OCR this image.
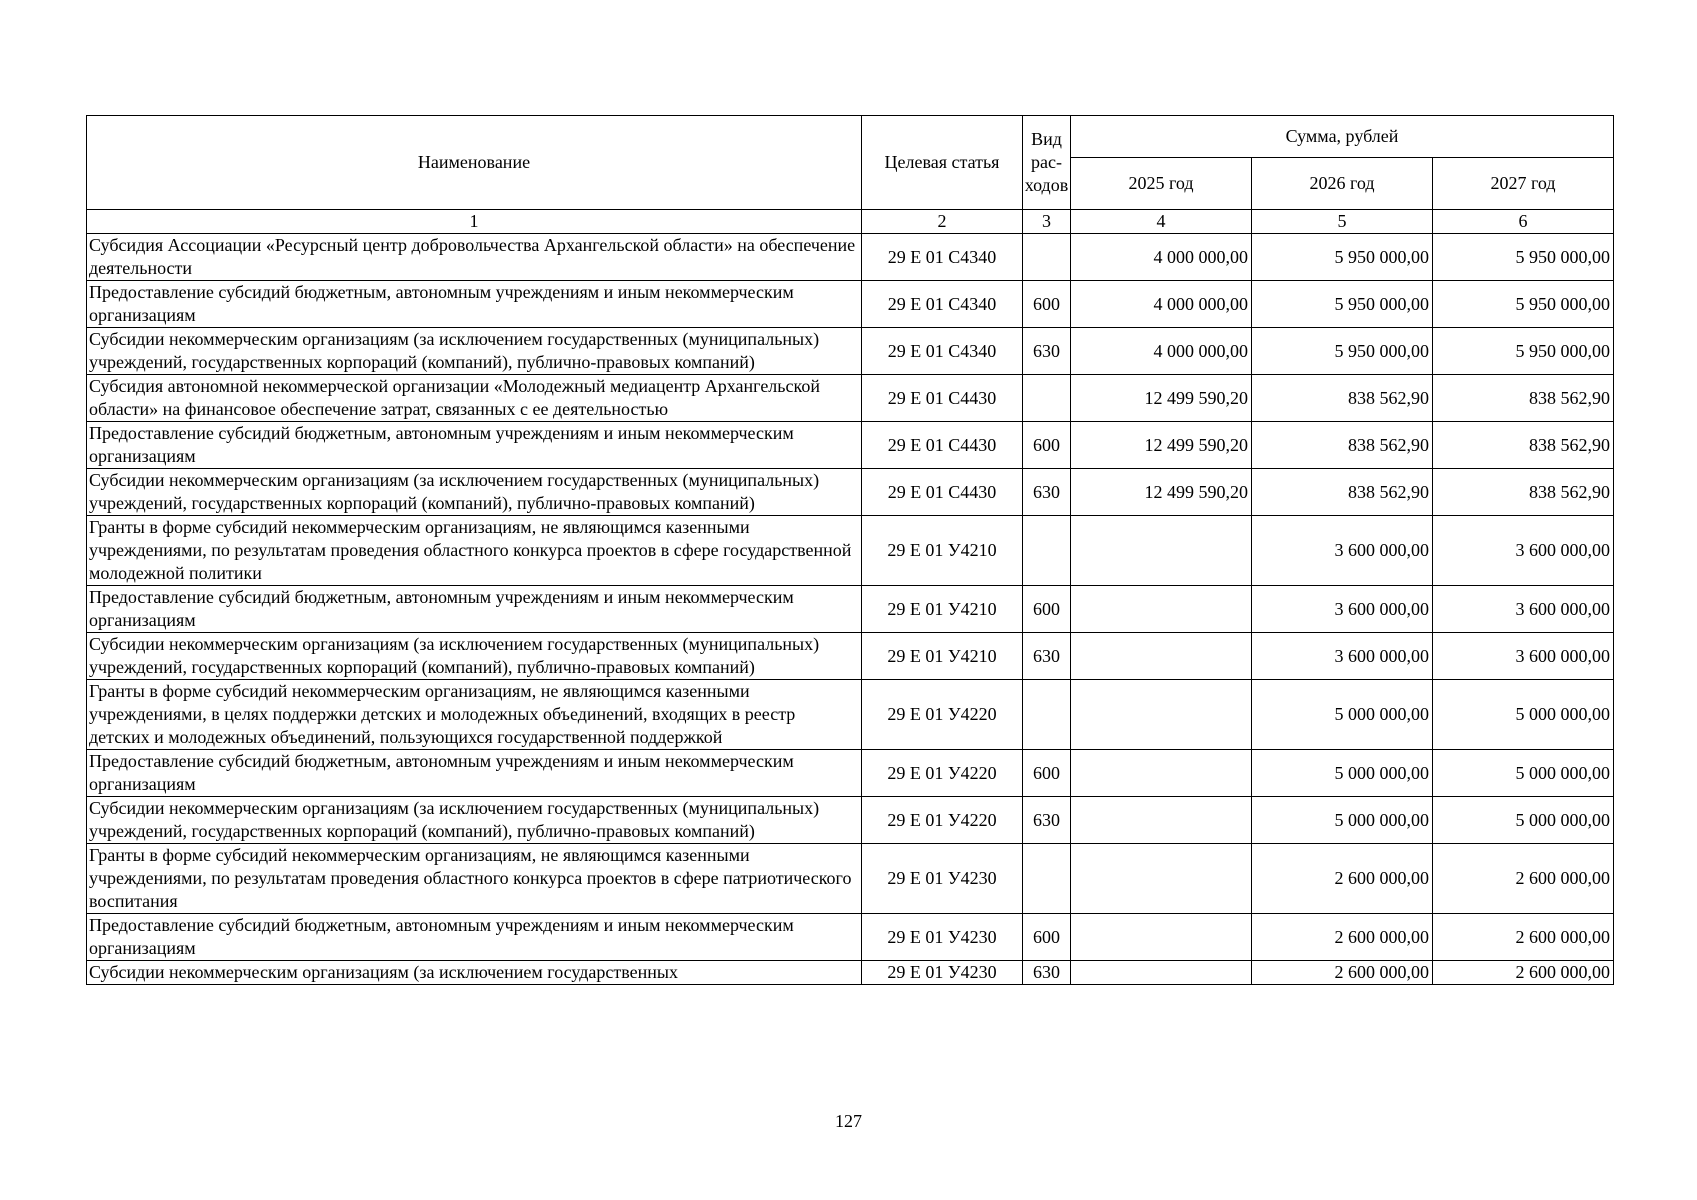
Наименование	Целевая статья	Вид рас-ходов	Сумма, рублей		
			2025 год	2026 год	2027 год
1	2	3	4	5	6
Субсидия Ассоциации «Ресурсный центр добровольчества Архангельской области» на обеспечение деятельности	29 Е 01 С4340		4 000 000,00	5 950 000,00	5 950 000,00
Предоставление субсидий бюджетным, автономным учреждениям и иным некоммерческим организациям	29 Е 01 С4340	600	4 000 000,00	5 950 000,00	5 950 000,00
Субсидии некоммерческим организациям (за исключением государственных (муниципальных) учреждений, государственных корпораций (компаний), публично-правовых компаний)	29 Е 01 С4340	630	4 000 000,00	5 950 000,00	5 950 000,00
Субсидия автономной некоммерческой организации «Молодежный медиацентр Архангельской области» на финансовое обеспечение затрат, связанных с ее деятельностью	29 Е 01 С4430		12 499 590,20	838 562,90	838 562,90
Предоставление субсидий бюджетным, автономным учреждениям и иным некоммерческим организациям	29 Е 01 С4430	600	12 499 590,20	838 562,90	838 562,90
Субсидии некоммерческим организациям (за исключением государственных (муниципальных) учреждений, государственных корпораций (компаний), публично-правовых компаний)	29 Е 01 С4430	630	12 499 590,20	838 562,90	838 562,90
Гранты в форме субсидий некоммерческим организациям, не являющимся казенными учреждениями, по результатам проведения областного конкурса проектов в сфере государственной молодежной политики	29 Е 01 У4210			3 600 000,00	3 600 000,00
Предоставление субсидий бюджетным, автономным учреждениям и иным некоммерческим организациям	29 Е 01 У4210	600		3 600 000,00	3 600 000,00
Субсидии некоммерческим организациям (за исключением государственных (муниципальных) учреждений, государственных корпораций (компаний), публично-правовых компаний)	29 Е 01 У4210	630		3 600 000,00	3 600 000,00
Гранты в форме субсидий некоммерческим организациям, не являющимся казенными учреждениями, в целях поддержки детских и молодежных объединений, входящих в реестр детских и молодежных объединений, пользующихся государственной поддержкой	29 Е 01 У4220			5 000 000,00	5 000 000,00
Предоставление субсидий бюджетным, автономным учреждениям и иным некоммерческим организациям	29 Е 01 У4220	600		5 000 000,00	5 000 000,00
Субсидии некоммерческим организациям (за исключением государственных (муниципальных) учреждений, государственных корпораций (компаний), публично-правовых компаний)	29 Е 01 У4220	630		5 000 000,00	5 000 000,00
Гранты в форме субсидий некоммерческим организациям, не являющимся казенными учреждениями, по результатам проведения областного конкурса проектов в сфере патриотического воспитания	29 Е 01 У4230			2 600 000,00	2 600 000,00
Предоставление субсидий бюджетным, автономным учреждениям и иным некоммерческим организациям	29 Е 01 У4230	600		2 600 000,00	2 600 000,00
Субсидии некоммерческим организациям (за исключением государственных	29 Е 01 У4230	630		2 600 000,00	2 600 000,00
127
